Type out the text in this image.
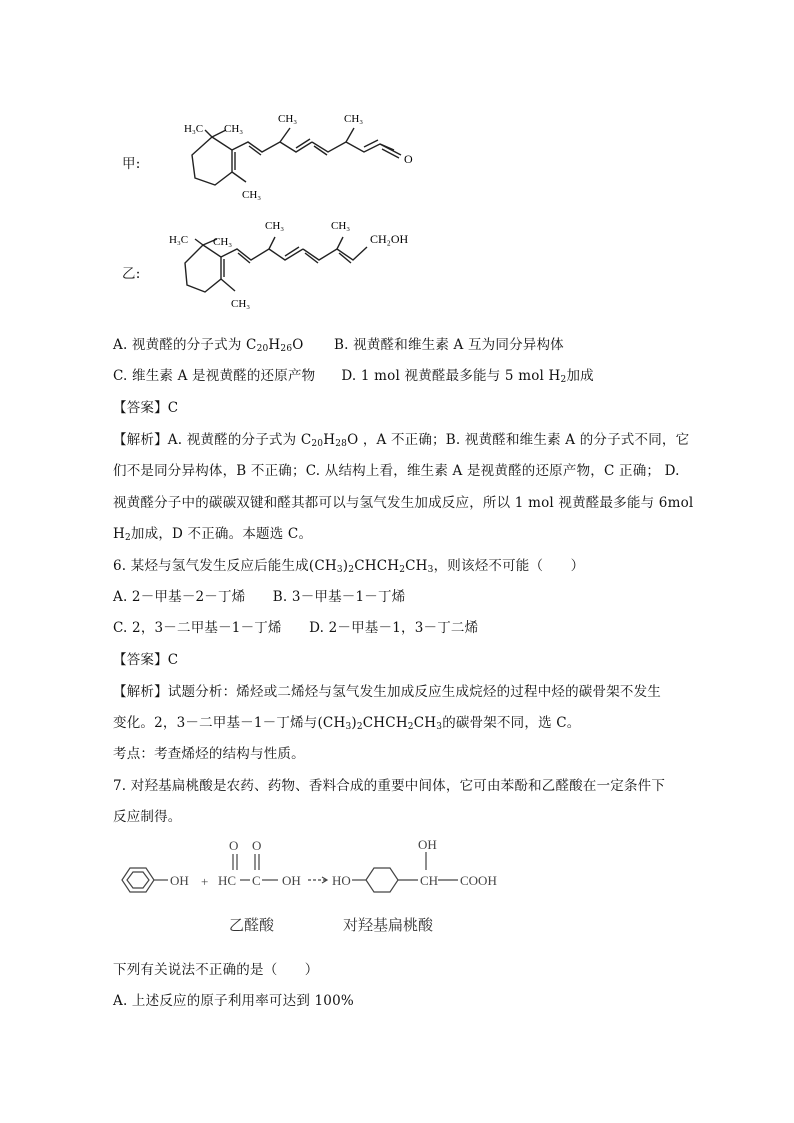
甲:
H₃C CH₃
CH₃	CH₃
CH₃
O
乙:
H₃C CH₃
CH₃	CH₃
CH₃
CH₂OH
A. 视黄醛的分子式为 $C_{20}H_{26}O$ B. 视黄醛和维生素 A 互为同分异构体
C. 维生素 A 是视黄醛的还原产物 D. 1 mol 视黄醛最多能与 5 mol $H_2$加成
【答案】C
【解析】A. 视黄醛的分子式为 $C_{20}H_{28}O$ ，A 不正确；B. 视黄醛和维生素 A 的分子式不同，它
们不是同分异构体，B 不正确；C. 从结构上看，维生素 A 是视黄醛的还原产物，C 正确； D.
视黄醛分子中的碳碳双键和醛其都可以与氢气发生加成反应，所以 1 mol 视黄醛最多能与 6mol
$H_2$加成，D 不正确。本题选 C。
6. 某烃与氢气发生反应后能生成$(CH_3)_2CHCH_2CH_3$，则该烃不可能（　　）
A. 2－甲基－2－丁烯　　B. 3－甲基－1－丁烯
C. 2，3－二甲基－1－丁烯　　D. 2－甲基－1，3－丁二烯
【答案】C
【解析】试题分析：烯烃或二烯烃与氢气发生加成反应生成烷烃的过程中烃的碳骨架不发生
变化。2，3－二甲基－1－丁烯与$(CH_3)_2CHCH_2CH_3$的碳骨架不同，选 C。
考点：考查烯烃的结构与性质。
7. 对羟基扁桃酸是农药、药物、香料合成的重要中间体，它可由苯酚和乙醛酸在一定条件下
反应制得。
OH + HC C OH
O O
HO	CH COOH
OH
乙醛酸	对羟基扁桃酸
下列有关说法不正确的是（　　）
A. 上述反应的原子利用率可达到 100%
